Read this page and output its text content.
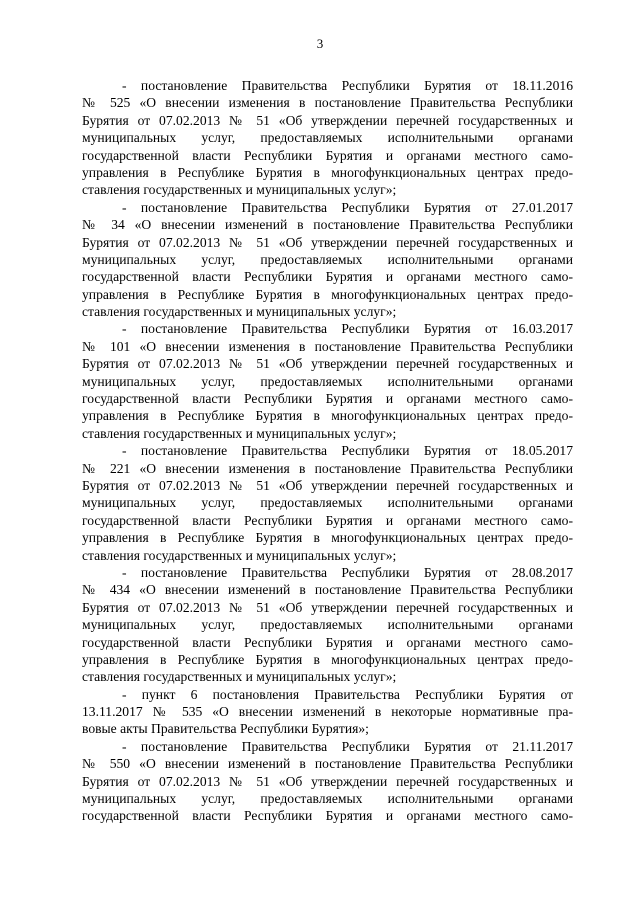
3
- постановление Правительства Республики Бурятия от 18.11.2016
№ 525 «О внесении изменения в постановление Правительства Республики
Бурятия от 07.02.2013 № 51 «Об утверждении перечней государственных и
муниципальных услуг, предоставляемых исполнительными органами
государственной власти Республики Бурятия и органами местного само-
управления в Республике Бурятия в многофункциональных центрах предо-
ставления государственных и муниципальных услуг»;
- постановление Правительства Республики Бурятия от 27.01.2017
№ 34 «О внесении изменений в постановление Правительства Республики
Бурятия от 07.02.2013 № 51 «Об утверждении перечней государственных и
муниципальных услуг, предоставляемых исполнительными органами
государственной власти Республики Бурятия и органами местного само-
управления в Республике Бурятия в многофункциональных центрах предо-
ставления государственных и муниципальных услуг»;
- постановление Правительства Республики Бурятия от 16.03.2017
№ 101 «О внесении изменения в постановление Правительства Республики
Бурятия от 07.02.2013 № 51 «Об утверждении перечней государственных и
муниципальных услуг, предоставляемых исполнительными органами
государственной власти Республики Бурятия и органами местного само-
управления в Республике Бурятия в многофункциональных центрах предо-
ставления государственных и муниципальных услуг»;
- постановление Правительства Республики Бурятия от 18.05.2017
№ 221 «О внесении изменения в постановление Правительства Республики
Бурятия от 07.02.2013 № 51 «Об утверждении перечней государственных и
муниципальных услуг, предоставляемых исполнительными органами
государственной власти Республики Бурятия и органами местного само-
управления в Республике Бурятия в многофункциональных центрах предо-
ставления государственных и муниципальных услуг»;
- постановление Правительства Республики Бурятия от 28.08.2017
№ 434 «О внесении изменений в постановление Правительства Республики
Бурятия от 07.02.2013 № 51 «Об утверждении перечней государственных и
муниципальных услуг, предоставляемых исполнительными органами
государственной власти Республики Бурятия и органами местного само-
управления в Республике Бурятия в многофункциональных центрах предо-
ставления государственных и муниципальных услуг»;
- пункт 6 постановления Правительства Республики Бурятия от
13.11.2017 № 535 «О внесении изменений в некоторые нормативные пра-
вовые акты Правительства Республики Бурятия»;
- постановление Правительства Республики Бурятия от 21.11.2017
№ 550 «О внесении изменений в постановление Правительства Республики
Бурятия от 07.02.2013 № 51 «Об утверждении перечней государственных и
муниципальных услуг, предоставляемых исполнительными органами
государственной власти Республики Бурятия и органами местного само-
